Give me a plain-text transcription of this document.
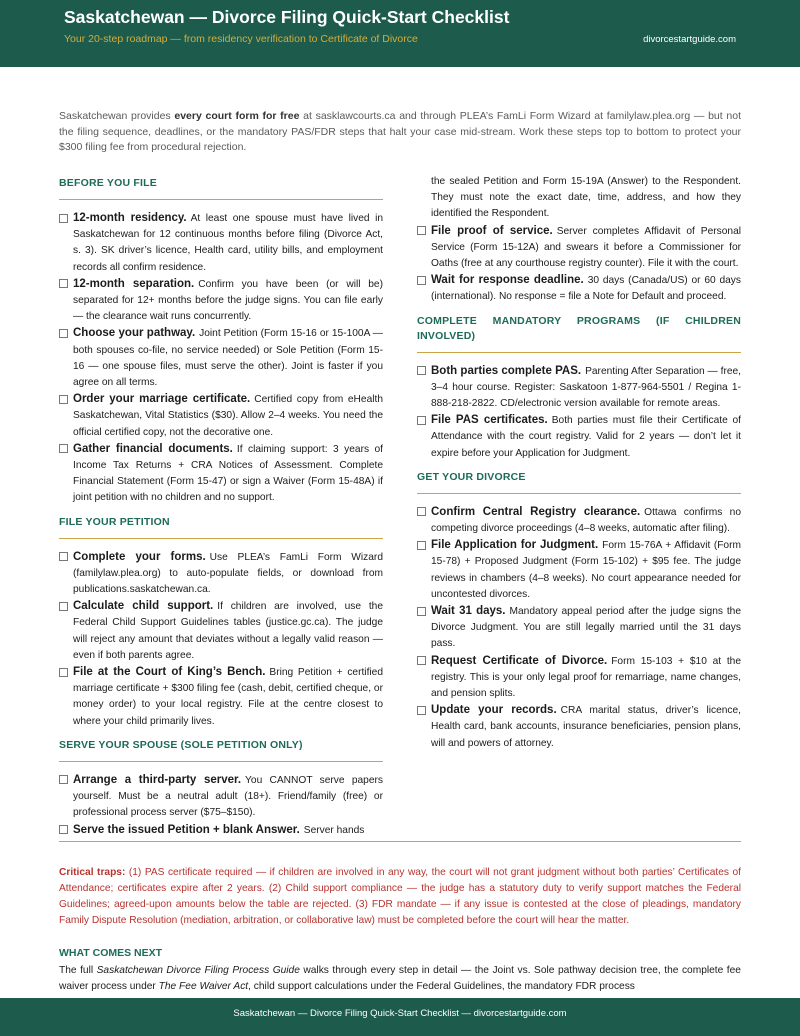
Saskatchewan — Divorce Filing Quick-Start Checklist
Your 20-step roadmap — from residency verification to Certificate of Divorce	divorcestartguide.com
Saskatchewan provides every court form for free at sasklawcourts.ca and through PLEA’s FamLi Form Wizard at familylaw.plea.org — but not the filing sequence, deadlines, or the mandatory PAS/FDR steps that halt your case mid-stream. Work these steps top to bottom to protect your $300 filing fee from procedural rejection.
BEFORE YOU FILE
12-month residency. At least one spouse must have lived in Saskatchewan for 12 continuous months before filing (Divorce Act, s. 3). SK driver’s licence, Health card, utility bills, and employment records all confirm residence.
12-month separation. Confirm you have been (or will be) separated for 12+ months before the judge signs. You can file early — the clearance wait runs concurrently.
Choose your pathway. Joint Petition (Form 15-16 or 15-100A — both spouses co-file, no service needed) or Sole Petition (Form 15-16 — one spouse files, must serve the other). Joint is faster if you agree on all terms.
Order your marriage certificate. Certified copy from eHealth Saskatchewan, Vital Statistics ($30). Allow 2–4 weeks. You need the official certified copy, not the decorative one.
Gather financial documents. If claiming support: 3 years of Income Tax Returns + CRA Notices of Assessment. Complete Financial Statement (Form 15-47) or sign a Waiver (Form 15-48A) if joint petition with no children and no support.
FILE YOUR PETITION
Complete your forms. Use PLEA’s FamLi Form Wizard (familylaw.plea.org) to auto-populate fields, or download from publications.saskatchewan.ca.
Calculate child support. If children are involved, use the Federal Child Support Guidelines tables (justice.gc.ca). The judge will reject any amount that deviates without a legally valid reason — even if both parents agree.
File at the Court of King’s Bench. Bring Petition + certified marriage certificate + $300 filing fee (cash, debit, certified cheque, or money order) to your local registry. File at the centre closest to where your child primarily lives.
SERVE YOUR SPOUSE (SOLE PETITION ONLY)
Arrange a third-party server. You CANNOT serve papers yourself. Must be a neutral adult (18+). Friend/family (free) or professional process server ($75–$150).
Serve the issued Petition + blank Answer. Server hands
the sealed Petition and Form 15-19A (Answer) to the Respondent. They must note the exact date, time, address, and how they identified the Respondent.
File proof of service. Server completes Affidavit of Personal Service (Form 15-12A) and swears it before a Commissioner for Oaths (free at any courthouse registry counter). File it with the court.
Wait for response deadline. 30 days (Canada/US) or 60 days (international). No response = file a Note for Default and proceed.
COMPLETE MANDATORY PROGRAMS (IF CHILDREN INVOLVED)
Both parties complete PAS. Parenting After Separation — free, 3–4 hour course. Register: Saskatoon 1-877-964-5501 / Regina 1-888-218-2822. CD/electronic version available for remote areas.
File PAS certificates. Both parties must file their Certificate of Attendance with the court registry. Valid for 2 years — don’t let it expire before your Application for Judgment.
GET YOUR DIVORCE
Confirm Central Registry clearance. Ottawa confirms no competing divorce proceedings (4–8 weeks, automatic after filing).
File Application for Judgment. Form 15-76A + Affidavit (Form 15-78) + Proposed Judgment (Form 15-102) + $95 fee. The judge reviews in chambers (4–8 weeks). No court appearance needed for uncontested divorces.
Wait 31 days. Mandatory appeal period after the judge signs the Divorce Judgment. You are still legally married until the 31 days pass.
Request Certificate of Divorce. Form 15-103 + $10 at the registry. This is your only legal proof for remarriage, name changes, and pension splits.
Update your records. CRA marital status, driver’s licence, Health card, bank accounts, insurance beneficiaries, pension plans, will and powers of attorney.
Critical traps: (1) PAS certificate required — if children are involved in any way, the court will not grant judgment without both parties’ Certificates of Attendance; certificates expire after 2 years. (2) Child support compliance — the judge has a statutory duty to verify support matches the Federal Guidelines; agreed-upon amounts below the table are rejected. (3) FDR mandate — if any issue is contested at the close of pleadings, mandatory Family Dispute Resolution (mediation, arbitration, or collaborative law) must be completed before the court will hear the matter.
WHAT COMES NEXT
The full Saskatchewan Divorce Filing Process Guide walks through every step in detail — the Joint vs. Sole pathway decision tree, the complete fee waiver process under The Fee Waiver Act, child support calculations under the Federal Guidelines, the mandatory FDR process
Saskatchewan — Divorce Filing Quick-Start Checklist — divorcestartguide.com
